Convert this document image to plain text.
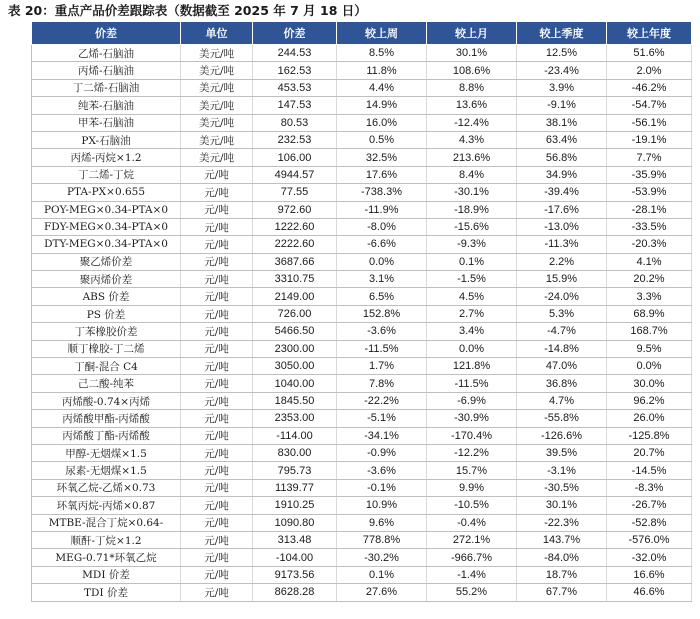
表 20：重点产品价差跟踪表（数据截至 2025 年 7 月 18 日）
价差	单位	价差	较上周	较上月	较上季度	较上年度
乙烯-石脑油	美元/吨	244.53	8.5%	30.1%	12.5%	51.6%
丙烯-石脑油	美元/吨	162.53	11.8%	108.6%	-23.4%	2.0%
丁二烯-石脑油	美元/吨	453.53	4.4%	8.8%	3.9%	-46.2%
纯苯-石脑油	美元/吨	147.53	14.9%	13.6%	-9.1%	-54.7%
甲苯-石脑油	美元/吨	80.53	16.0%	-12.4%	38.1%	-56.1%
PX-石脑油	美元/吨	232.53	0.5%	4.3%	63.4%	-19.1%
丙烯-丙烷×1.2	美元/吨	106.00	32.5%	213.6%	56.8%	7.7%
丁二烯-丁烷	元/吨	4944.57	17.6%	8.4%	34.9%	-35.9%
PTA-PX×0.655	元/吨	77.55	-738.3%	-30.1%	-39.4%	-53.9%
POY-MEG×0.34-PTA×0	元/吨	972.60	-11.9%	-18.9%	-17.6%	-28.1%
FDY-MEG×0.34-PTA×0	元/吨	1222.60	-8.0%	-15.6%	-13.0%	-33.5%
DTY-MEG×0.34-PTA×0	元/吨	2222.60	-6.6%	-9.3%	-11.3%	-20.3%
聚乙烯价差	元/吨	3687.66	0.0%	0.1%	2.2%	4.1%
聚丙烯价差	元/吨	3310.75	3.1%	-1.5%	15.9%	20.2%
ABS 价差	元/吨	2149.00	6.5%	4.5%	-24.0%	3.3%
PS 价差	元/吨	726.00	152.8%	2.7%	5.3%	68.9%
丁苯橡胶价差	元/吨	5466.50	-3.6%	3.4%	-4.7%	168.7%
顺丁橡胶-丁二烯	元/吨	2300.00	-11.5%	0.0%	-14.8%	9.5%
丁酮-混合 C4	元/吨	3050.00	1.7%	121.8%	47.0%	0.0%
己二酸-纯苯	元/吨	1040.00	7.8%	-11.5%	36.8%	30.0%
丙烯酸-0.74×丙烯	元/吨	1845.50	-22.2%	-6.9%	4.7%	96.2%
丙烯酸甲酯-丙烯酸	元/吨	2353.00	-5.1%	-30.9%	-55.8%	26.0%
丙烯酸丁酯-丙烯酸	元/吨	-114.00	-34.1%	-170.4%	-126.6%	-125.8%
甲醇-无烟煤×1.5	元/吨	830.00	-0.9%	-12.2%	39.5%	20.7%
尿素-无烟煤×1.5	元/吨	795.73	-3.6%	15.7%	-3.1%	-14.5%
环氧乙烷-乙烯×0.73	元/吨	1139.77	-0.1%	9.9%	-30.5%	-8.3%
环氧丙烷-丙烯×0.87	元/吨	1910.25	10.9%	-10.5%	30.1%	-26.7%
MTBE-混合丁烷×0.64-	元/吨	1090.80	9.6%	-0.4%	-22.3%	-52.8%
顺酐-丁烷×1.2	元/吨	313.48	778.8%	272.1%	143.7%	-576.0%
MEG-0.71*环氧乙烷	元/吨	-104.00	-30.2%	-966.7%	-84.0%	-32.0%
MDI 价差	元/吨	9173.56	0.1%	-1.4%	18.7%	16.6%
TDI 价差	元/吨	8628.28	27.6%	55.2%	67.7%	46.6%
